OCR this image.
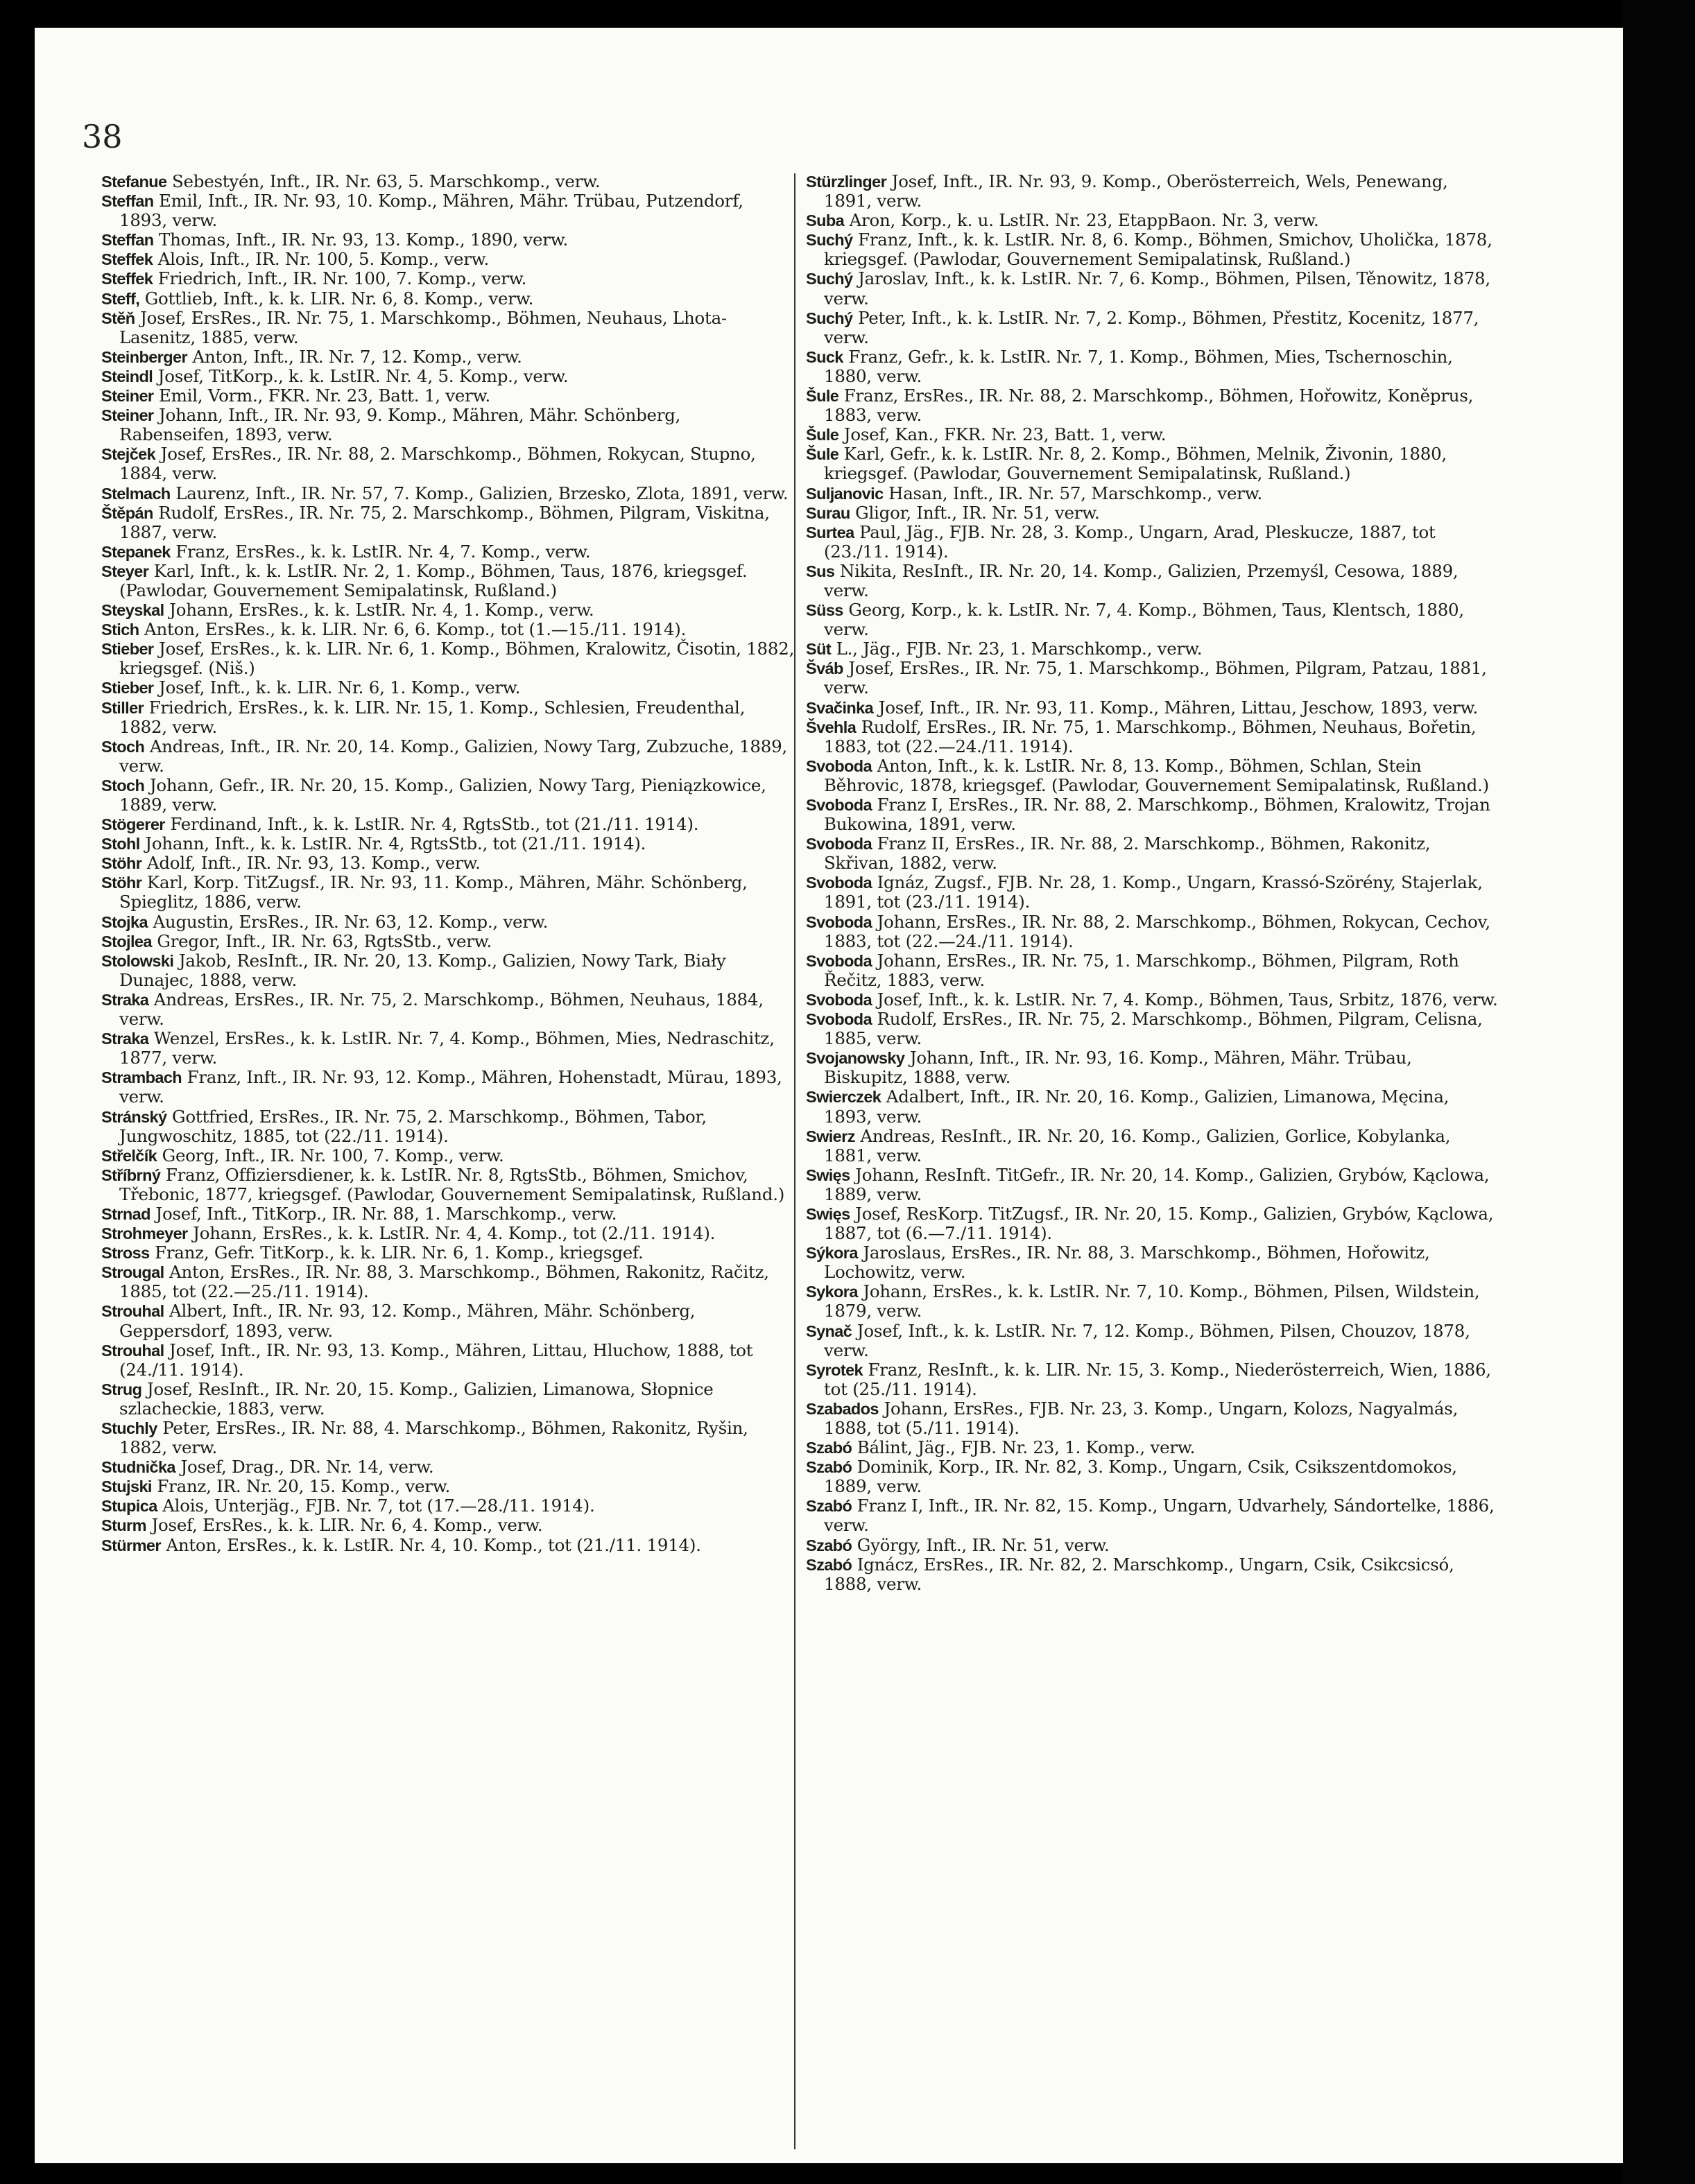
38

Stefanue Sebestyén, Inft., IR. Nr. 63, 5. Marschkomp., verw.

Steffan Emil, Inft., IR. Nr. 93, 10. Komp., Mähren, Mähr. Trübau, Putzendorf, 1893, verw.

Steffan Thomas, Inft., IR. Nr. 93, 13. Komp., 1890, verw.

Steffek Alois, Inft., IR. Nr. 100, 5. Komp., verw.

Steffek Friedrich, Inft., IR. Nr. 100, 7. Komp., verw.

Steff, Gottlieb, Inft., k. k. LIR. Nr. 6, 8. Komp., verw.

Stěň Josef, ErsRes., IR. Nr. 75, 1. Marschkomp., Böhmen, Neuhaus, Lhota-Lasenitz, 1885, verw.

Steinberger Anton, Inft., IR. Nr. 7, 12. Komp., verw.

Steindl Josef, TitKorp., k. k. LstIR. Nr. 4, 5. Komp., verw.

Steiner Emil, Vorm., FKR. Nr. 23, Batt. 1, verw.

Steiner Johann, Inft., IR. Nr. 93, 9. Komp., Mähren, Mähr. Schönberg, Rabenseifen, 1893, verw.

Stejček Josef, ErsRes., IR. Nr. 88, 2. Marschkomp., Böhmen, Rokycan, Stupno, 1884, verw.

Stelmach Laurenz, Inft., IR. Nr. 57, 7. Komp., Galizien, Brzesko, Zlota, 1891, verw.

Štěpán Rudolf, ErsRes., IR. Nr. 75, 2. Marschkomp., Böhmen, Pilgram, Viskitna, 1887, verw.

Stepanek Franz, ErsRes., k. k. LstIR. Nr. 4, 7. Komp., verw.

Steyer Karl, Inft., k. k. LstIR. Nr. 2, 1. Komp., Böhmen, Taus, 1876, kriegsgef. (Pawlodar, Gouvernement Semipalatinsk, Rußland.)

Steyskal Johann, ErsRes., k. k. LstIR. Nr. 4, 1. Komp., verw.

Stich Anton, ErsRes., k. k. LIR. Nr. 6, 6. Komp., tot (1.—15./11. 1914).

Stieber Josef, ErsRes., k. k. LIR. Nr. 6, 1. Komp., Böhmen, Kralowitz, Čisotin, 1882, kriegsgef. (Niš.)

Stieber Josef, Inft., k. k. LIR. Nr. 6, 1. Komp., verw.

Stiller Friedrich, ErsRes., k. k. LIR. Nr. 15, 1. Komp., Schlesien, Freudenthal, 1882, verw.

Stoch Andreas, Inft., IR. Nr. 20, 14. Komp., Galizien, Nowy Targ, Zubzuche, 1889, verw.

Stoch Johann, Gefr., IR. Nr. 20, 15. Komp., Galizien, Nowy Targ, Pieniązkowice, 1889, verw.

Stögerer Ferdinand, Inft., k. k. LstIR. Nr. 4, RgtsStb., tot (21./11. 1914).

Stohl Johann, Inft., k. k. LstIR. Nr. 4, RgtsStb., tot (21./11. 1914).

Stöhr Adolf, Inft., IR. Nr. 93, 13. Komp., verw.

Stöhr Karl, Korp. TitZugsf., IR. Nr. 93, 11. Komp., Mähren, Mähr. Schönberg, Spieglitz, 1886, verw.

Stojka Augustin, ErsRes., IR. Nr. 63, 12. Komp., verw.

Stojlea Gregor, Inft., IR. Nr. 63, RgtsStb., verw.

Stolowski Jakob, ResInft., IR. Nr. 20, 13. Komp., Galizien, Nowy Tark, Biały Dunajec, 1888, verw.

Straka Andreas, ErsRes., IR. Nr. 75, 2. Marschkomp., Böhmen, Neuhaus, 1884, verw.

Straka Wenzel, ErsRes., k. k. LstIR. Nr. 7, 4. Komp., Böhmen, Mies, Nedraschitz, 1877, verw.

Strambach Franz, Inft., IR. Nr. 93, 12. Komp., Mähren, Hohenstadt, Mürau, 1893, verw.

Stránský Gottfried, ErsRes., IR. Nr. 75, 2. Marschkomp., Böhmen, Tabor, Jungwoschitz, 1885, tot (22./11. 1914).

Střelčík Georg, Inft., IR. Nr. 100, 7. Komp., verw.

Stříbrný Franz, Offiziersdiener, k. k. LstIR. Nr. 8, RgtsStb., Böhmen, Smichov, Třebonic, 1877, kriegsgef. (Pawlodar, Gouvernement Semipalatinsk, Rußland.)

Strnad Josef, Inft., TitKorp., IR. Nr. 88, 1. Marschkomp., verw.

Strohmeyer Johann, ErsRes., k. k. LstIR. Nr. 4, 4. Komp., tot (2./11. 1914).

Stross Franz, Gefr. TitKorp., k. k. LIR. Nr. 6, 1. Komp., kriegsgef.

Strougal Anton, ErsRes., IR. Nr. 88, 3. Marschkomp., Böhmen, Rakonitz, Račitz, 1885, tot (22.—25./11. 1914).

Strouhal Albert, Inft., IR. Nr. 93, 12. Komp., Mähren, Mähr. Schönberg, Geppersdorf, 1893, verw.

Strouhal Josef, Inft., IR. Nr. 93, 13. Komp., Mähren, Littau, Hluchow, 1888, tot (24./11. 1914).

Strug Josef, ResInft., IR. Nr. 20, 15. Komp., Galizien, Limanowa, Słopnice szlacheckie, 1883, verw.

Stuchly Peter, ErsRes., IR. Nr. 88, 4. Marschkomp., Böhmen, Rakonitz, Ryšin, 1882, verw.

Studnička Josef, Drag., DR. Nr. 14, verw.

Stujski Franz, IR. Nr. 20, 15. Komp., verw.

Stupica Alois, Unterjäg., FJB. Nr. 7, tot (17.—28./11. 1914).

Sturm Josef, ErsRes., k. k. LIR. Nr. 6, 4. Komp., verw.

Stürmer Anton, ErsRes., k. k. LstIR. Nr. 4, 10. Komp., tot (21./11. 1914).

Stürzlinger Josef, Inft., IR. Nr. 93, 9. Komp., Oberösterreich, Wels, Penewang, 1891, verw.

Suba Aron, Korp., k. u. LstIR. Nr. 23, EtappBaon. Nr. 3, verw.

Suchý Franz, Inft., k. k. LstIR. Nr. 8, 6. Komp., Böhmen, Smichov, Uholička, 1878, kriegsgef. (Pawlodar, Gouvernement Semipalatinsk, Rußland.)

Suchý Jaroslav, Inft., k. k. LstIR. Nr. 7, 6. Komp., Böhmen, Pilsen, Těnowitz, 1878, verw.

Suchý Peter, Inft., k. k. LstIR. Nr. 7, 2. Komp., Böhmen, Přestitz, Kocenitz, 1877, verw.

Suck Franz, Gefr., k. k. LstIR. Nr. 7, 1. Komp., Böhmen, Mies, Tschernoschin, 1880, verw.

Šule Franz, ErsRes., IR. Nr. 88, 2. Marschkomp., Böhmen, Hořowitz, Koněprus, 1883, verw.

Šule Josef, Kan., FKR. Nr. 23, Batt. 1, verw.

Šule Karl, Gefr., k. k. LstIR. Nr. 8, 2. Komp., Böhmen, Melnik, Živonin, 1880, kriegsgef. (Pawlodar, Gouvernement Semipalatinsk, Rußland.)

Suljanovic Hasan, Inft., IR. Nr. 57, Marschkomp., verw.

Surau Gligor, Inft., IR. Nr. 51, verw.

Surtea Paul, Jäg., FJB. Nr. 28, 3. Komp., Ungarn, Arad, Pleskucze, 1887, tot (23./11. 1914).

Sus Nikita, ResInft., IR. Nr. 20, 14. Komp., Galizien, Przemyśl, Cesowa, 1889, verw.

Süss Georg, Korp., k. k. LstIR. Nr. 7, 4. Komp., Böhmen, Taus, Klentsch, 1880, verw.

Süt L., Jäg., FJB. Nr. 23, 1. Marschkomp., verw.

Šváb Josef, ErsRes., IR. Nr. 75, 1. Marschkomp., Böhmen, Pilgram, Patzau, 1881, verw.

Svačinka Josef, Inft., IR. Nr. 93, 11. Komp., Mähren, Littau, Jeschow, 1893, verw.

Švehla Rudolf, ErsRes., IR. Nr. 75, 1. Marschkomp., Böhmen, Neuhaus, Bořetin, 1883, tot (22.—24./11. 1914).

Svoboda Anton, Inft., k. k. LstIR. Nr. 8, 13. Komp., Böhmen, Schlan, Stein Běhrovic, 1878, kriegsgef. (Pawlodar, Gouvernement Semipalatinsk, Rußland.)

Svoboda Franz I, ErsRes., IR. Nr. 88, 2. Marschkomp., Böhmen, Kralowitz, Trojan Bukowina, 1891, verw.

Svoboda Franz II, ErsRes., IR. Nr. 88, 2. Marschkomp., Böhmen, Rakonitz, Skřivan, 1882, verw.

Svoboda Ignáz, Zugsf., FJB. Nr. 28, 1. Komp., Ungarn, Krassó-Szörény, Stajerlak, 1891, tot (23./11. 1914).

Svoboda Johann, ErsRes., IR. Nr. 88, 2. Marschkomp., Böhmen, Rokycan, Cechov, 1883, tot (22.—24./11. 1914).

Svoboda Johann, ErsRes., IR. Nr. 75, 1. Marschkomp., Böhmen, Pilgram, Roth Řečitz, 1883, verw.

Svoboda Josef, Inft., k. k. LstIR. Nr. 7, 4. Komp., Böhmen, Taus, Srbitz, 1876, verw.

Svoboda Rudolf, ErsRes., IR. Nr. 75, 2. Marschkomp., Böhmen, Pilgram, Celisna, 1885, verw.

Svojanowsky Johann, Inft., IR. Nr. 93, 16. Komp., Mähren, Mähr. Trübau, Biskupitz, 1888, verw.

Swierczek Adalbert, Inft., IR. Nr. 20, 16. Komp., Galizien, Limanowa, Męcina, 1893, verw.

Swierz Andreas, ResInft., IR. Nr. 20, 16. Komp., Galizien, Gorlice, Kobylanka, 1881, verw.

Swięs Johann, ResInft. TitGefr., IR. Nr. 20, 14. Komp., Galizien, Grybów, Kąclowa, 1889, verw.

Swięs Josef, ResKorp. TitZugsf., IR. Nr. 20, 15. Komp., Galizien, Grybów, Kąclowa, 1887, tot (6.—7./11. 1914).

Sýkora Jaroslaus, ErsRes., IR. Nr. 88, 3. Marschkomp., Böhmen, Hořowitz, Lochowitz, verw.

Sykora Johann, ErsRes., k. k. LstIR. Nr. 7, 10. Komp., Böhmen, Pilsen, Wildstein, 1879, verw.

Synač Josef, Inft., k. k. LstIR. Nr. 7, 12. Komp., Böhmen, Pilsen, Chouzov, 1878, verw.

Syrotek Franz, ResInft., k. k. LIR. Nr. 15, 3. Komp., Niederösterreich, Wien, 1886, tot (25./11. 1914).

Szabados Johann, ErsRes., FJB. Nr. 23, 3. Komp., Ungarn, Kolozs, Nagyalmás, 1888, tot (5./11. 1914).

Szabó Bálint, Jäg., FJB. Nr. 23, 1. Komp., verw.

Szabó Dominik, Korp., IR. Nr. 82, 3. Komp., Ungarn, Csik, Csikszentdomokos, 1889, verw.

Szabó Franz I, Inft., IR. Nr. 82, 15. Komp., Ungarn, Udvarhely, Sándortelke, 1886, verw.

Szabó György, Inft., IR. Nr. 51, verw.

Szabó Ignácz, ErsRes., IR. Nr. 82, 2. Marschkomp., Ungarn, Csik, Csikcsicsó, 1888, verw.
